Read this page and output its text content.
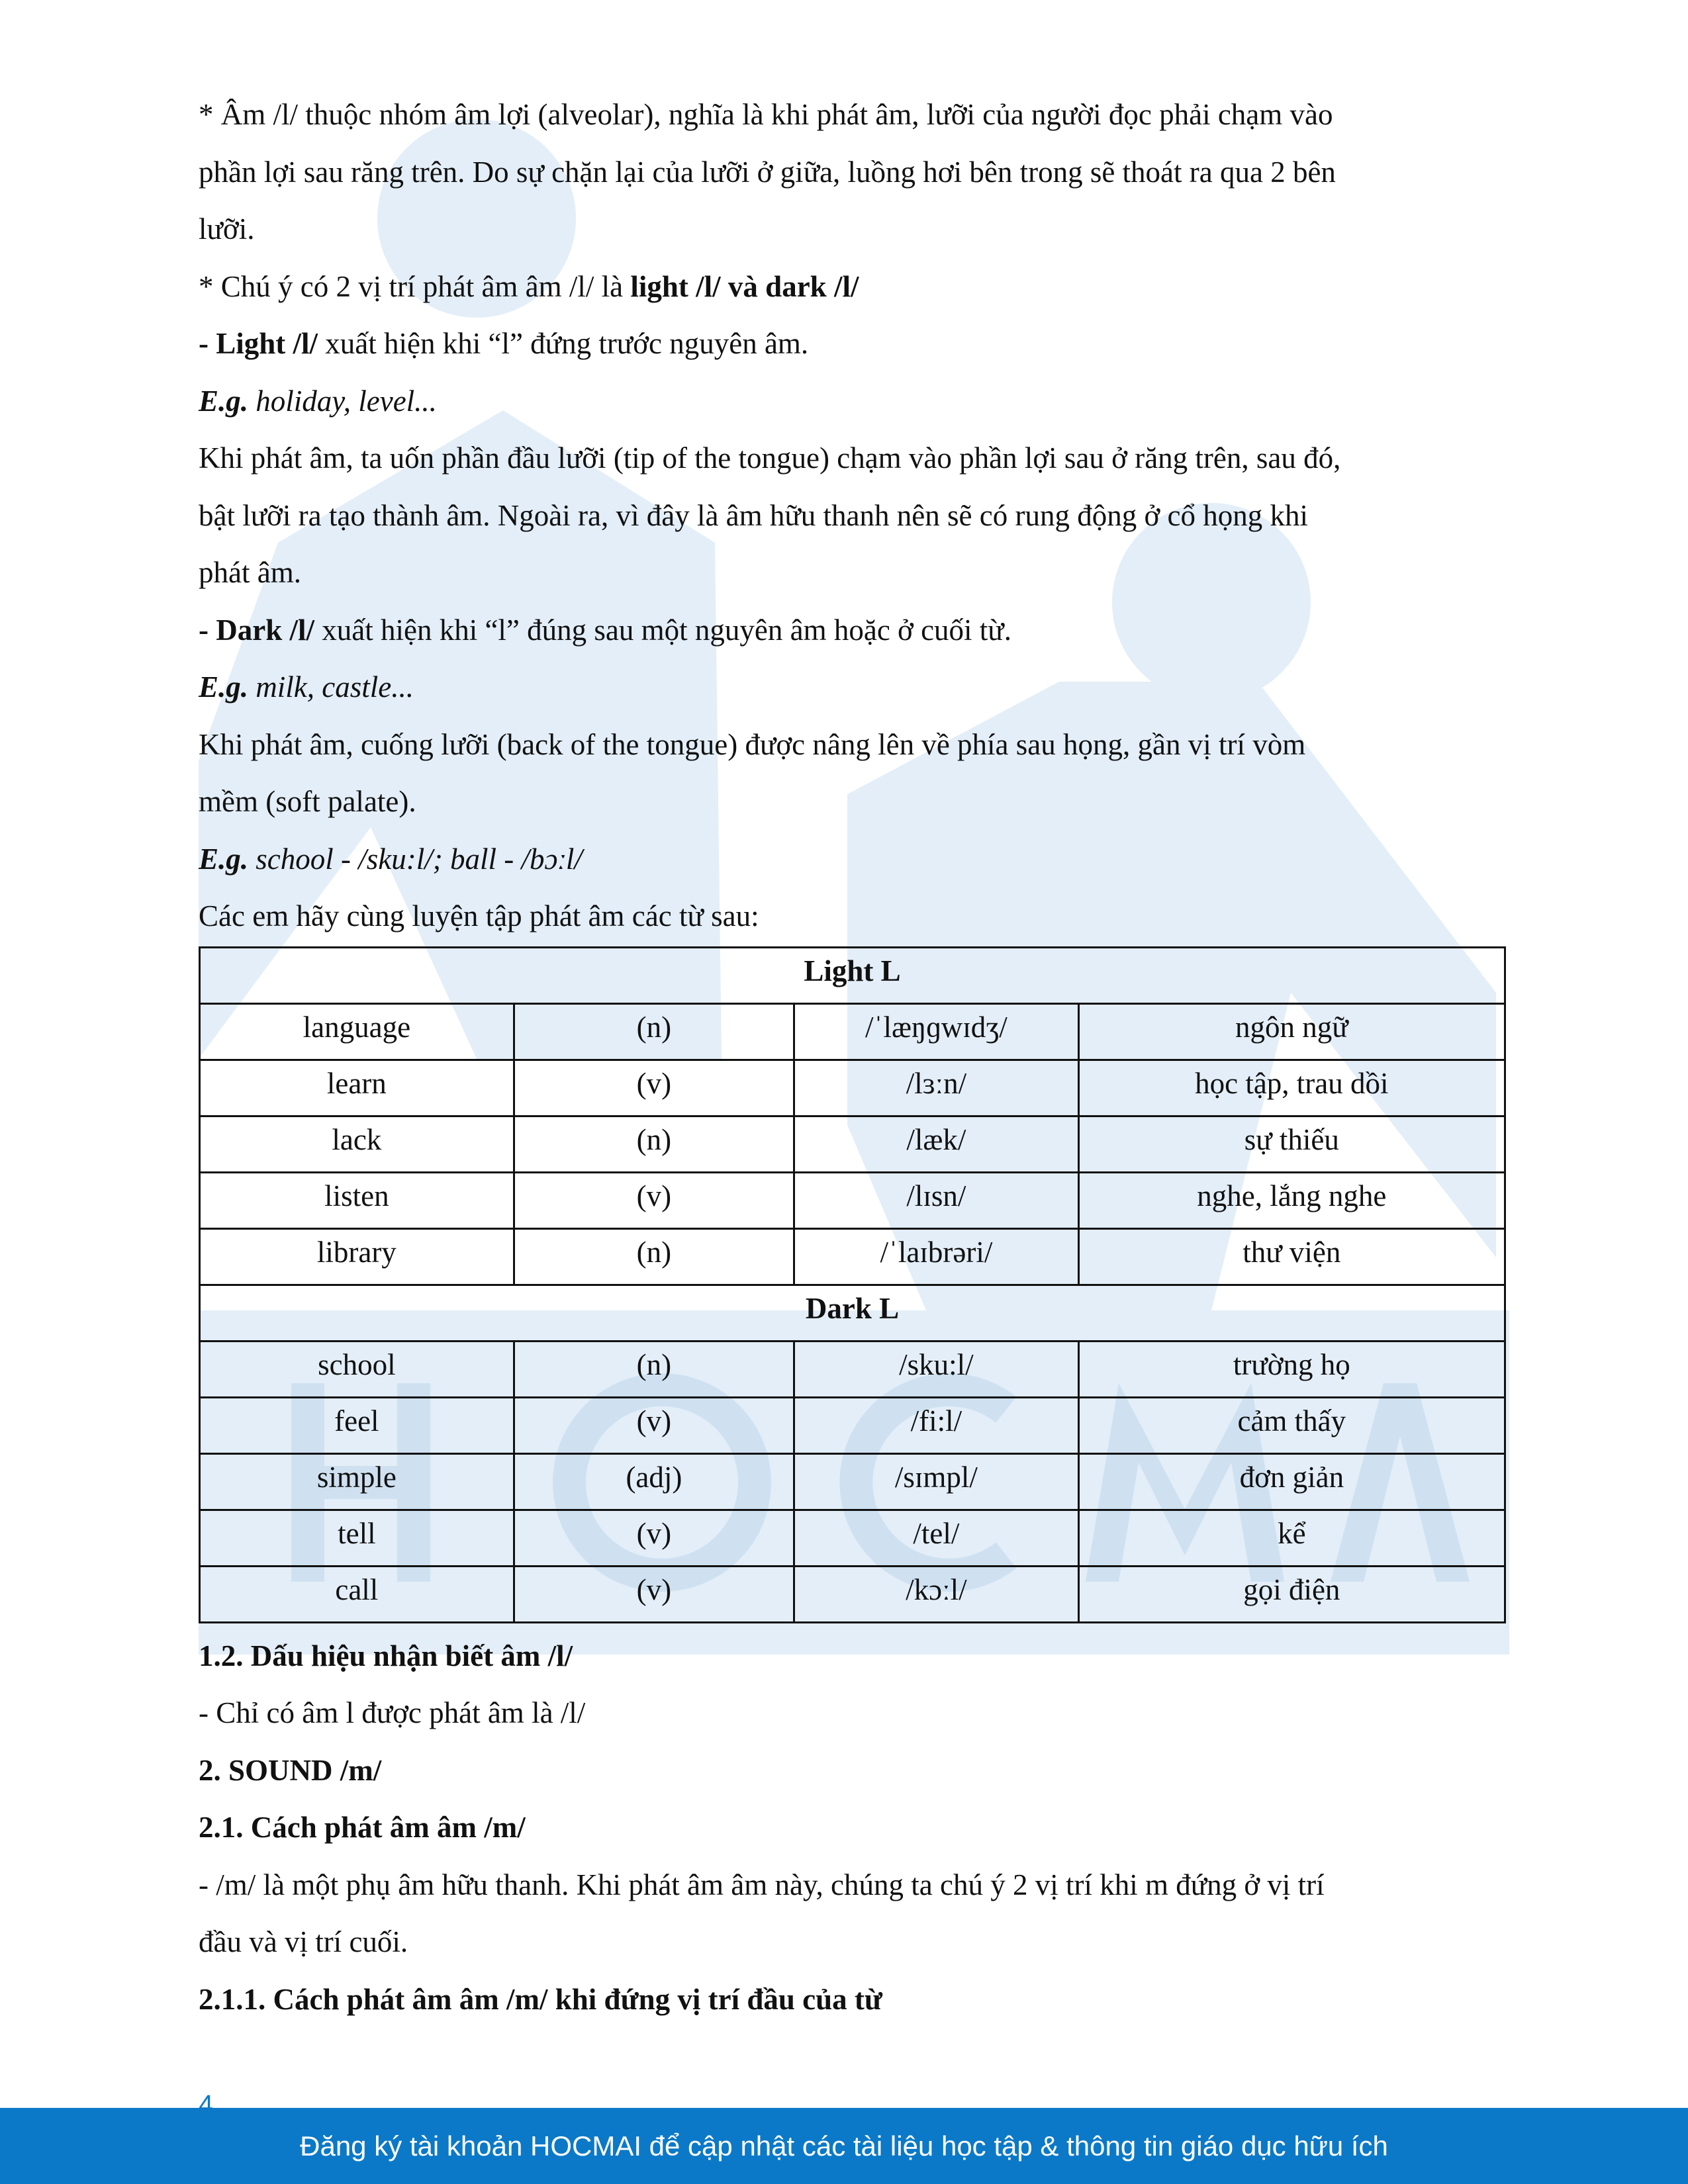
* Âm /l/ thuộc nhóm âm lợi (alveolar), nghĩa là khi phát âm, lưỡi của người đọc phải chạm vào
phần lợi sau răng trên. Do sự chặn lại của lưỡi ở giữa, luồng hơi bên trong sẽ thoát ra qua 2 bên
lưỡi.

* Chú ý có 2 vị trí phát âm âm /l/ là light /l/ và dark /l/

- Light /l/ xuất hiện khi “l” đứng trước nguyên âm.

E.g. holiday, level...

Khi phát âm, ta uốn phần đầu lưỡi (tip of the tongue) chạm vào phần lợi sau ở răng trên, sau đó,
bật lưỡi ra tạo thành âm. Ngoài ra, vì đây là âm hữu thanh nên sẽ có rung động ở cổ họng khi
phát âm.

- Dark /l/ xuất hiện khi “l” đúng sau một nguyên âm hoặc ở cuối từ.

E.g. milk, castle...

Khi phát âm, cuống lưỡi (back of the tongue) được nâng lên về phía sau họng, gần vị trí vòm
mềm (soft palate).

E.g. school - /sku:l/; ball - /bɔːl/

Các em hãy cùng luyện tập phát âm các từ sau:

Light L			
language	(n)	/ˈlæŋɡwɪdʒ/	ngôn ngữ
learn	(v)	/lɜːn/	học tập, trau dồi
lack	(n)	/læk/	sự thiếu
listen	(v)	/lɪsn/	nghe, lắng nghe
library	(n)	/ˈlaɪbrəri/	thư viện
Dark L			
school	(n)	/sku:l/	trường họ
feel	(v)	/fi:l/	cảm thấy
simple	(adj)	/sɪmpl/	đơn giản
tell	(v)	/tel/	kể
call	(v)	/kɔːl/	gọi điện

1.2. Dấu hiệu nhận biết âm /l/

- Chỉ có âm l được phát âm là /l/

2. SOUND /m/

2.1. Cách phát âm âm /m/

- /m/ là một phụ âm hữu thanh. Khi phát âm âm này, chúng ta chú ý 2 vị trí khi m đứng ở vị trí
đầu và vị trí cuối.

2.1.1. Cách phát âm âm /m/ khi đứng vị trí đầu của từ

4
Đăng ký tài khoản HOCMAI để cập nhật các tài liệu học tập & thông tin giáo dục hữu ích
